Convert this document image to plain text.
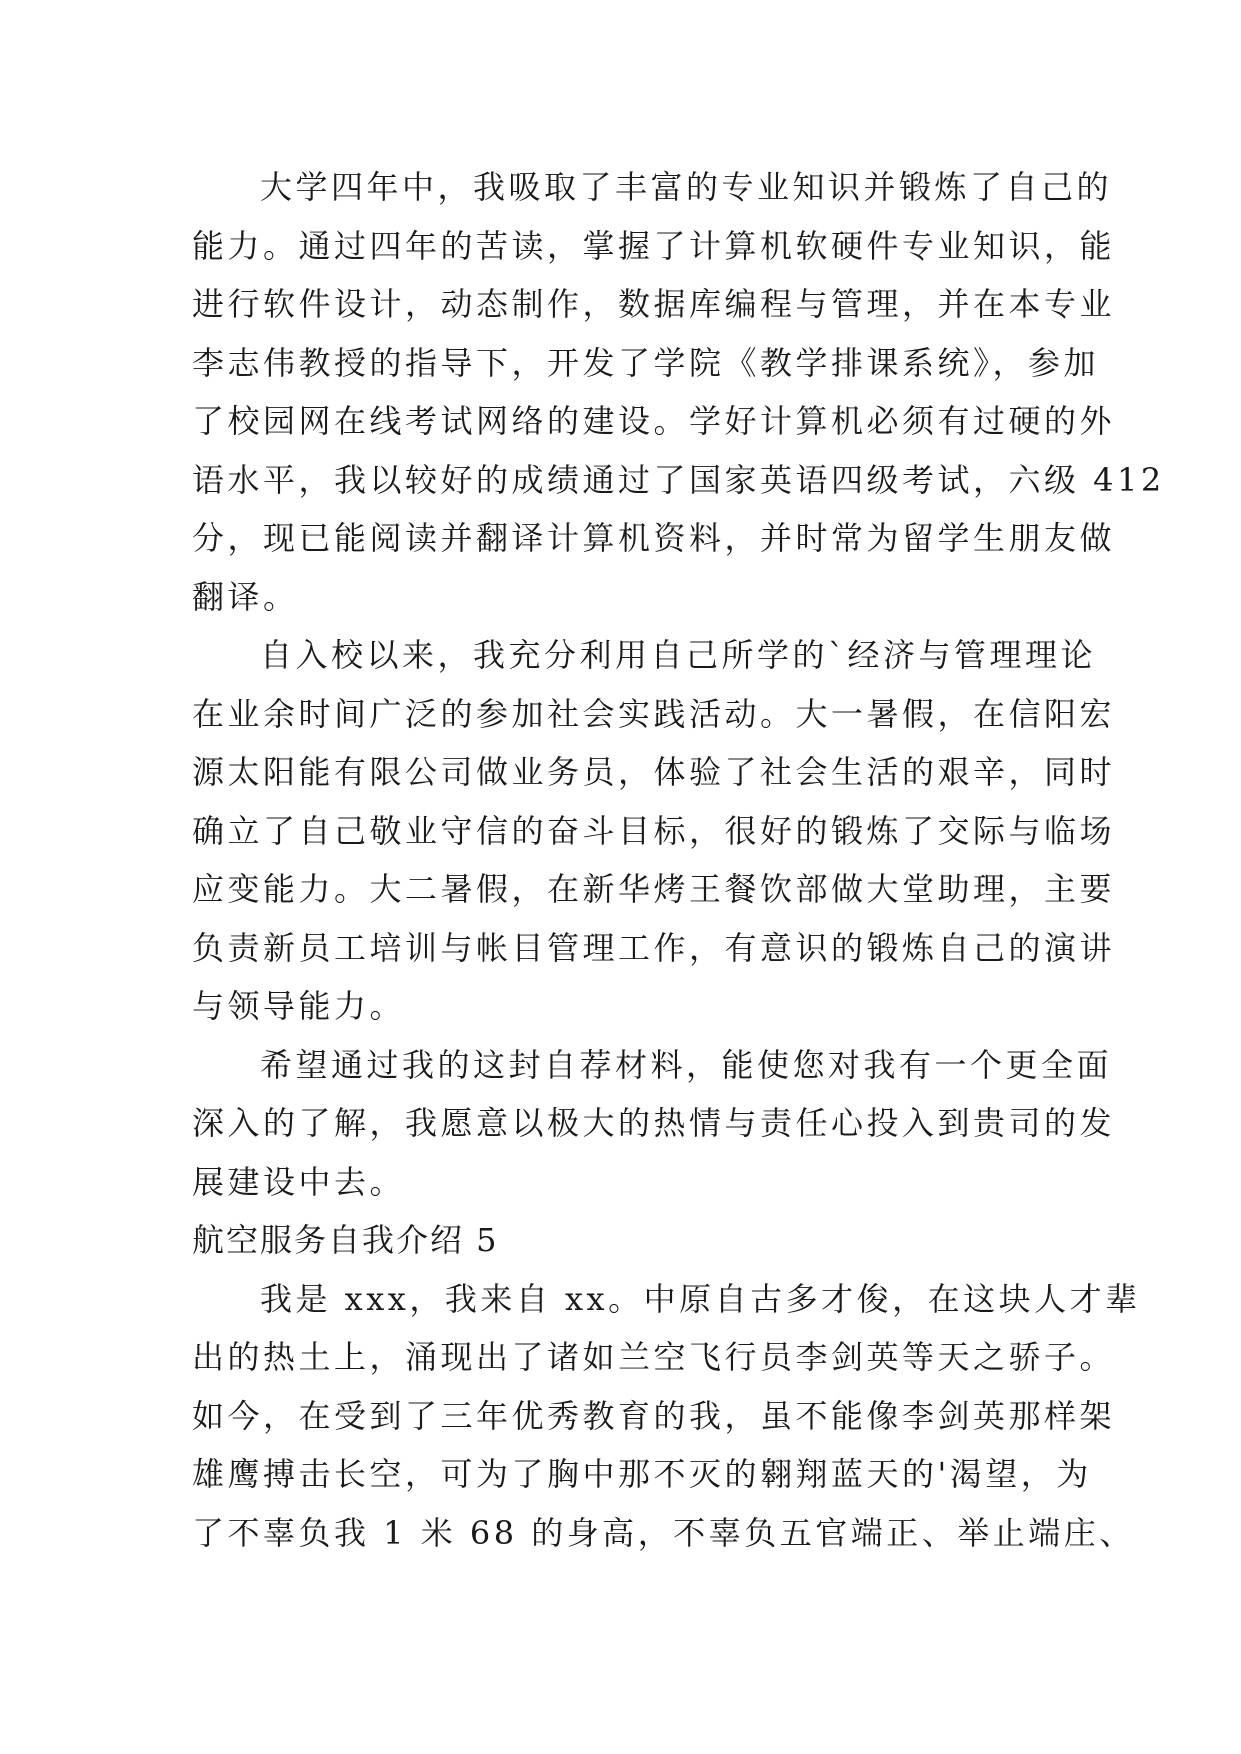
大学四年中，我吸取了丰富的专业知识并锻炼了自己的
能力。通过四年的苦读，掌握了计算机软硬件专业知识，能
进行软件设计，动态制作，数据库编程与管理，并在本专业
李志伟教授的指导下，开发了学院《教学排课系统》，参加
了校园网在线考试网络的建设。学好计算机必须有过硬的外
语水平，我以较好的成绩通过了国家英语四级考试，六级 412
分，现已能阅读并翻译计算机资料，并时常为留学生朋友做
翻译。
自入校以来，我充分利用自己所学的`经济与管理理论
在业余时间广泛的参加社会实践活动。大一暑假，在信阳宏
源太阳能有限公司做业务员，体验了社会生活的艰辛，同时
确立了自己敬业守信的奋斗目标，很好的锻炼了交际与临场
应变能力。大二暑假，在新华烤王餐饮部做大堂助理，主要
负责新员工培训与帐目管理工作，有意识的锻炼自己的演讲
与领导能力。
希望通过我的这封自荐材料，能使您对我有一个更全面
深入的了解，我愿意以极大的热情与责任心投入到贵司的发
展建设中去。
航空服务自我介绍 5
我是 xxx，我来自 xx。中原自古多才俊，在这块人才辈
出的热土上，涌现出了诸如兰空飞行员李剑英等天之骄子。
如今，在受到了三年优秀教育的我，虽不能像李剑英那样架
雄鹰搏击长空，可为了胸中那不灭的翱翔蓝天的'渴望，为
了不辜负我 1 米 68 的身高，不辜负五官端正、举止端庄、
